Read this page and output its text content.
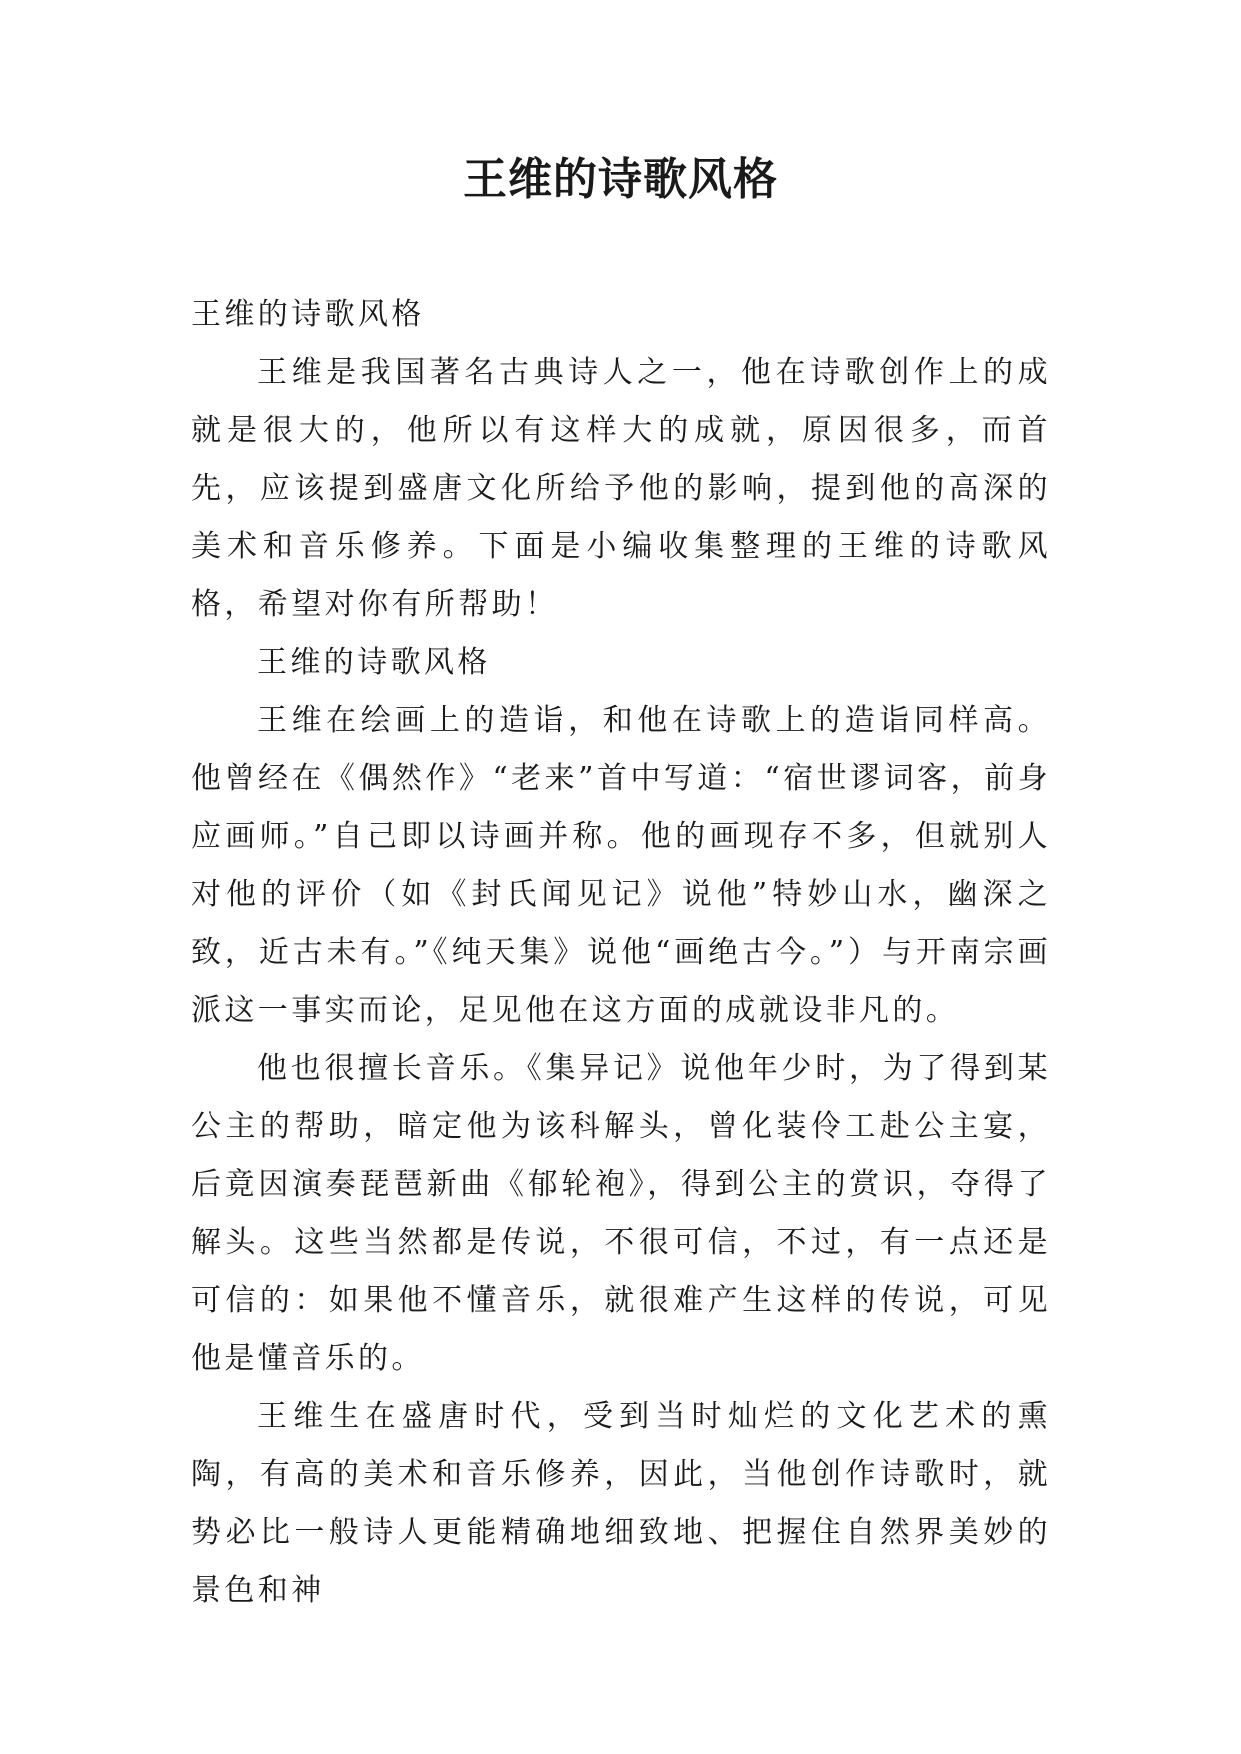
王维的诗歌风格

王维的诗歌风格

王维是我国著名古典诗人之一，他在诗歌创作上的成就是很大的，他所以有这样大的成就，原因很多，而首先，应该提到盛唐文化所给予他的影响，提到他的高深的美术和音乐修养。下面是小编收集整理的王维的诗歌风格，希望对你有所帮助！

王维的诗歌风格

王维在绘画上的造诣，和他在诗歌上的造诣同样高。他曾经在《偶然作》“老来”首中写道：“宿世谬词客，前身应画师。”自己即以诗画并称。他的画现存不多，但就别人对他的评价（如《封氏闻见记》说他”特妙山水，幽深之致，近古未有。”《纯天集》说他“画绝古今。”）与开南宗画派这一事实而论，足见他在这方面的成就设非凡的。

他也很擅长音乐。《集异记》说他年少时，为了得到某公主的帮助，暗定他为该科解头，曾化装伶工赴公主宴，后竟因演奏琵琶新曲《郁轮袍》，得到公主的赏识，夺得了解头。这些当然都是传说，不很可信，不过，有一点还是可信的：如果他不懂音乐，就很难产生这样的传说，可见他是懂音乐的。

王维生在盛唐时代，受到当时灿烂的文化艺术的熏陶，有高的美术和音乐修养，因此，当他创作诗歌时，就势必比一般诗人更能精确地细致地、把握住自然界美妙的景色和神
